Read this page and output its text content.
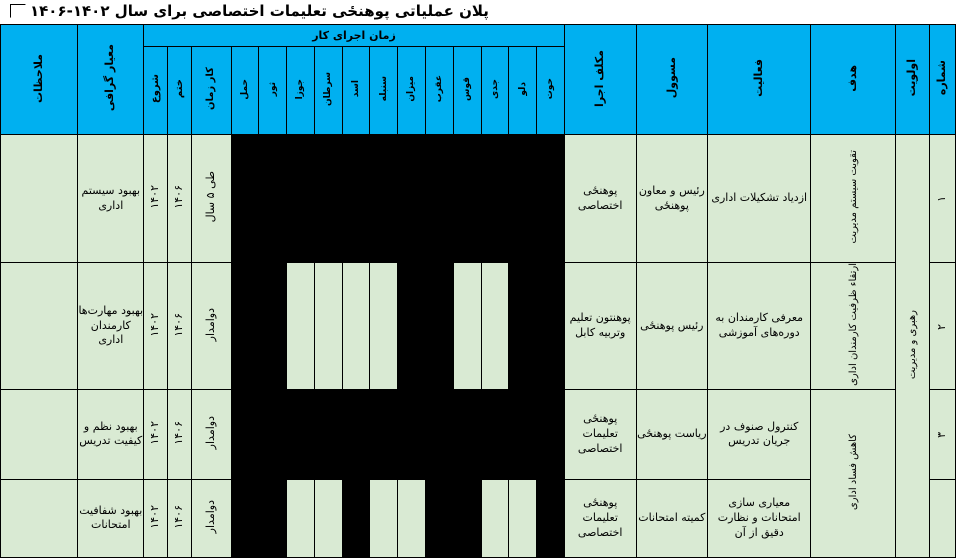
پلان عملیاتی پوهنځی تعلیمات اختصاصی برای سال ۱۴۰۲-۱۴۰۶
شماره	اولویت	هدف	فعالیت	مسوول	مکلف اجرا	زمان اجرای کار															معیار گرافی	ملاحظات
						حوت	دلو	جدی	قوس	عقرب	میزان	سنبله	اسد	سرطان	جوزا	ثور	حمل	کار زمان	ختم	شروع		
۱	رهبری و مدیریت	تقویت سیستم مدیریت	ازدیاد تشکیلات اداری	رئیس و معاون پوهنځی	پوهنځی اختصاصی													طی ۵ سال	۱۴۰۶	۱۴۰۲	بهبود سیستم اداری	
۲		ارتقاء ظرفیت کارمندان اداری	معرفی کارمندان به دوره‌های آموزشی	رئیس پوهنځی	پوهنتون تعلیم وتربیه کابل													دوامدار	۱۴۰۶	۱۴۰۲	بهبود مهارت‌ها کارمندان اداری	
۳		کاهش فساد اداری	کنترول صنوف در جریان تدریس	ریاست پوهنځی	پوهنځی تعلیمات اختصاصی													دوامدار	۱۴۰۶	۱۴۰۲	بهبود نظم و کیفیت تدریس	
			معیاری سازی امتحانات و نظارت دقیق از آن	کمیته امتحانات	پوهنځی تعلیمات اختصاصی													دوامدار	۱۴۰۶	۱۴۰۲	بهبود شفافیت امتحانات	
